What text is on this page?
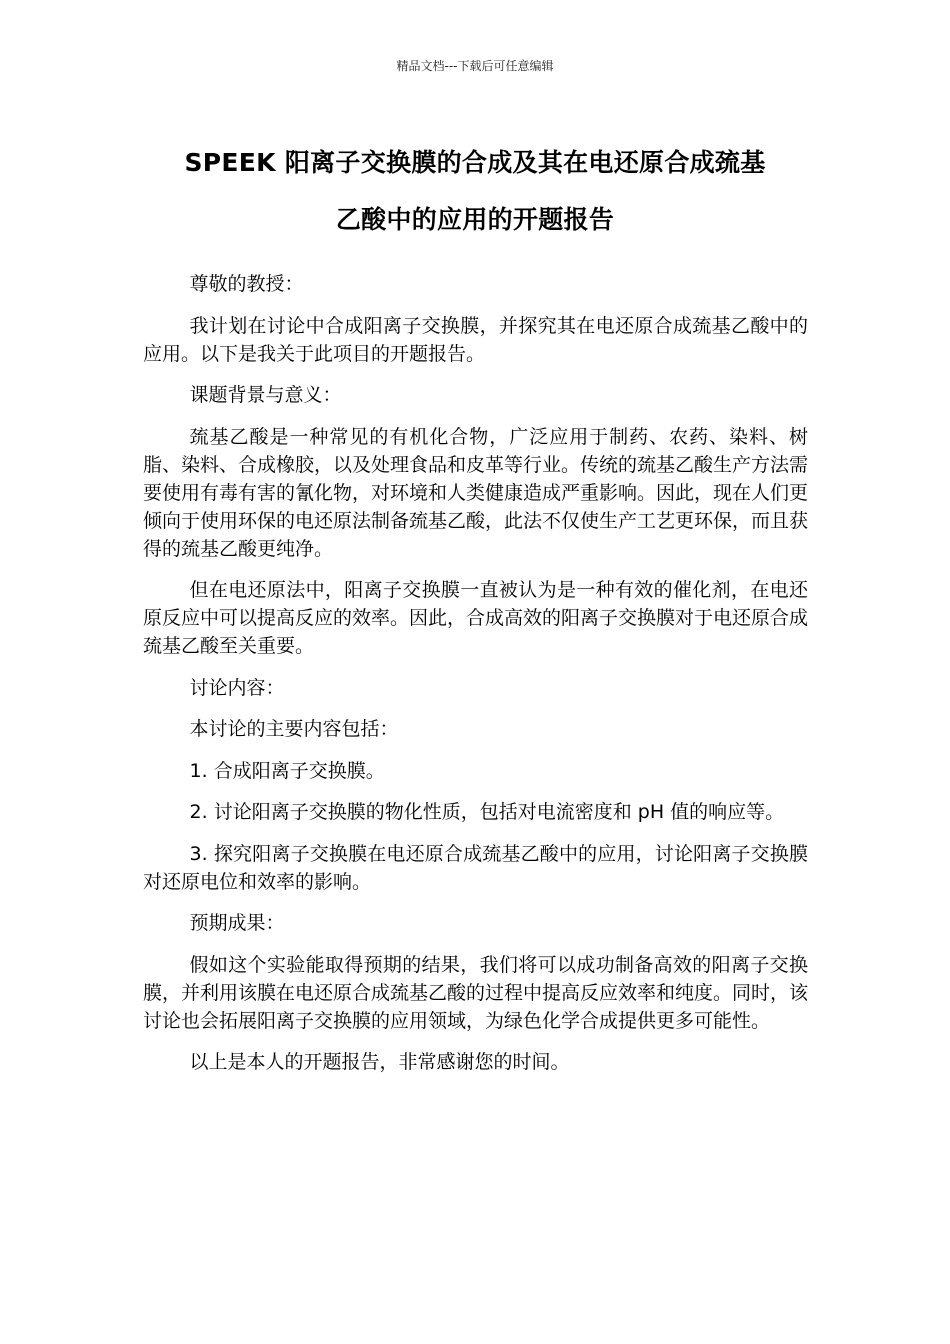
精品文档---下载后可任意编辑
SPEEK 阳离子交换膜的合成及其在电还原合成巯基
乙酸中的应用的开题报告

尊敬的教授：

我计划在讨论中合成阳离子交换膜，并探究其在电还原合成巯基乙酸中的应用。以下是我关于此项目的开题报告。

课题背景与意义：

巯基乙酸是一种常见的有机化合物，广泛应用于制药、农药、染料、树脂、染料、合成橡胶，以及处理食品和皮革等行业。传统的巯基乙酸生产方法需要使用有毒有害的氰化物，对环境和人类健康造成严重影响。因此，现在人们更倾向于使用环保的电还原法制备巯基乙酸，此法不仅使生产工艺更环保，而且获得的巯基乙酸更纯净。

但在电还原法中，阳离子交换膜一直被认为是一种有效的催化剂，在电还原反应中可以提高反应的效率。因此，合成高效的阳离子交换膜对于电还原合成巯基乙酸至关重要。

讨论内容：

本讨论的主要内容包括：

1. 合成阳离子交换膜。

2. 讨论阳离子交换膜的物化性质，包括对电流密度和 pH 值的响应等。

3. 探究阳离子交换膜在电还原合成巯基乙酸中的应用，讨论阳离子交换膜对还原电位和效率的影响。

预期成果：

假如这个实验能取得预期的结果，我们将可以成功制备高效的阳离子交换膜，并利用该膜在电还原合成巯基乙酸的过程中提高反应效率和纯度。同时，该讨论也会拓展阳离子交换膜的应用领域，为绿色化学合成提供更多可能性。

以上是本人的开题报告，非常感谢您的时间。
